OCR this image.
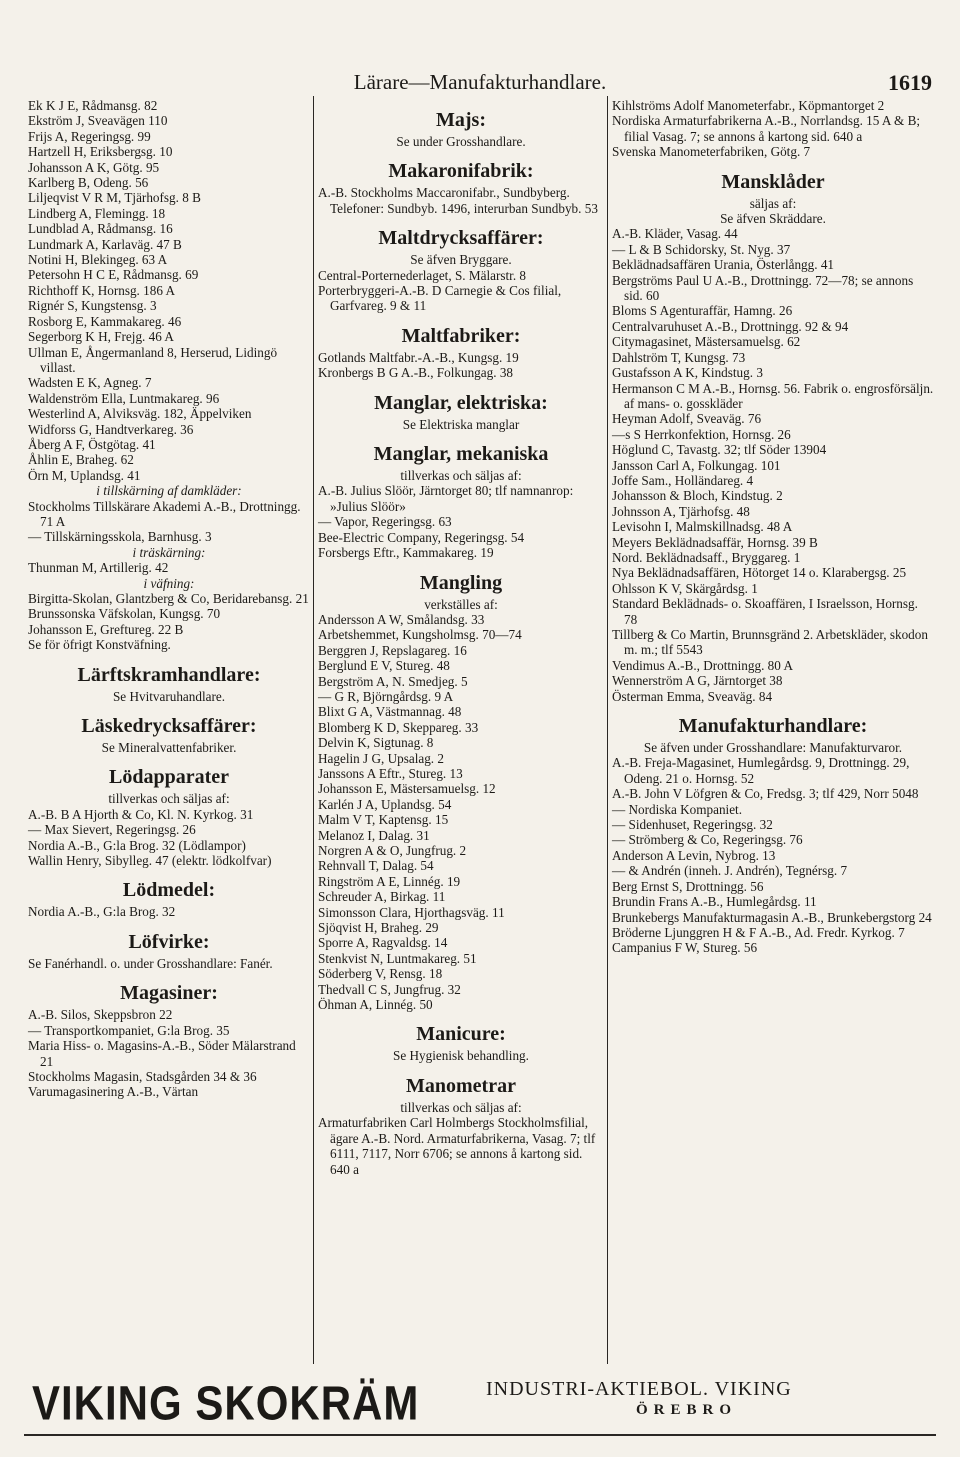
Lärare—Manufakturhandlare.	1619
Ek K J E, Rådmansg. 82
Ekström J, Sveavägen 110
Frijs A, Regeringsg. 99
Hartzell H, Eriksbergsg. 10
Johansson A K, Götg. 95
Karlberg B, Odeng. 56
Liljeqvist V R M, Tjärhofsg. 8 B
Lindberg A, Flemingg. 18
Lundblad A, Rådmansg. 16
Lundmark A, Karlaväg. 47 B
Notini H, Blekingeg. 63 A
Petersohn H C E, Rådmansg. 69
Richthoff K, Hornsg. 186 A
Rignér S, Kungstensg. 3
Rosborg E, Kammakareg. 46
Segerborg K H, Frejg. 46 A
Ullman E, Ångermanland 8, Herserud, Lidingö villast.
Wadsten E K, Agneg. 7
Waldenström Ella, Luntmakareg. 96
Westerlind A, Alviksväg. 182, Äppelviken
Widforss G, Handtverkareg. 36
Åberg A F, Östgötag. 41
Åhlin E, Braheg. 62
Örn M, Uplandsg. 41
i tillskärning af damkläder:
Stockholms Tillskärare Akademi A.-B., Drottningg. 71 A
— Tillskärningsskola, Barnhusg. 3
i träskärning:
Thunman M, Artillerig. 42
i väfning:
Birgitta-Skolan, Glantzberg & Co, Beridarebansg. 21
Brunssonska Väfskolan, Kungsg. 70
Johansson E, Greftureg. 22 B
Se för öfrigt Konstväfning.
Lärftskramhandlare:
Se Hvitvaruhandlare.
Läskedrycksaffärer:
Se Mineralvattenfabriker.
Lödapparater
tillverkas och säljas af:
A.-B. B A Hjorth & Co, Kl. N. Kyrkog. 31
— Max Sievert, Regeringsg. 26
Nordia A.-B., G:la Brog. 32 (Lödlampor)
Wallin Henry, Sibylleg. 47 (elektr. lödkolfvar)
Lödmedel:
Nordia A.-B., G:la Brog. 32
Löfvirke:
Se Fanérhandl. o. under Grosshandlare: Fanér.
Magasiner:
A.-B. Silos, Skeppsbron 22
— Transportkompaniet, G:la Brog. 35
Maria Hiss- o. Magasins-A.-B., Söder Mälarstrand 21
Stockholms Magasin, Stadsgården 34 & 36
Varumagasinering A.-B., Värtan
Majs:
Se under Grosshandlare.
Makaronifabrik:
A.-B. Stockholms Maccaronifabr., Sundbyberg. Telefoner: Sundbyb. 1496, interurban Sundbyb. 53
Maltdrycksaffärer:
Se äfven Bryggare.
Central-Porternederlaget, S. Mälarstr. 8
Porterbryggeri-A.-B. D Carnegie & Cos filial, Garfvareg. 9 & 11
Maltfabriker:
Gotlands Maltfabr.-A.-B., Kungsg. 19
Kronbergs B G A.-B., Folkungag. 38
Manglar, elektriska:
Se Elektriska manglar
Manglar, mekaniska
tillverkas och säljas af:
A.-B. Julius Slöör, Järntorget 80; tlf namnanrop: »Julius Slöör»
— Vapor, Regeringsg. 63
Bee-Electric Company, Regeringsg. 54
Forsbergs Eftr., Kammakareg. 19
Mangling
verkställes af:
Andersson A W, Smålandsg. 33
Arbetshemmet, Kungsholmsg. 70—74
Berggren J, Repslagareg. 16
Berglund E V, Stureg. 48
Bergström A, N. Smedjeg. 5
— G R, Björngårdsg. 9 A
Blixt G A, Västmannag. 48
Blomberg K D, Skeppareg. 33
Delvin K, Sigtunag. 8
Hagelin J G, Upsalag. 2
Janssons A Eftr., Stureg. 13
Johansson E, Mästersamuelsg. 12
Karlén J A, Uplandsg. 54
Malm V T, Kaptensg. 15
Melanoz I, Dalag. 31
Norgren A & O, Jungfrug. 2
Rehnvall T, Dalag. 54
Ringström A E, Linnég. 19
Schreuder A, Birkag. 11
Simonsson Clara, Hjorthagsväg. 11
Sjöqvist H, Braheg. 29
Sporre A, Ragvaldsg. 14
Stenkvist N, Luntmakareg. 51
Söderberg V, Rensg. 18
Thedvall C S, Jungfrug. 32
Öhman A, Linnég. 50
Manicure:
Se Hygienisk behandling.
Manometrar
tillverkas och säljas af:
Armaturfabriken Carl Holmbergs Stockholmsfilial, ägare A.-B. Nord. Armaturfabrikerna, Vasag. 7; tlf 6111, 7117, Norr 6706; se annons å kartong sid. 640 a
Kihlströms Adolf Manometerfabr., Köpmantorget 2
Nordiska Armaturfabrikerna A.-B., Norrlandsg. 15 A & B; filial Vasag. 7; se annons å kartong sid. 640 a
Svenska Manometerfabriken, Götg. 7
Mansklåder
säljas af:
Se äfven Skräddare.
A.-B. Kläder, Vasag. 44
— L & B Schidorsky, St. Nyg. 37
Beklädnadsaffären Urania, Österlångg. 41
Bergströms Paul U A.-B., Drottningg. 72—78; se annons sid. 60
Bloms S Agenturaffär, Hamng. 26
Centralvaruhuset A.-B., Drottningg. 92 & 94
Citymagasinet, Mästersamuelsg. 62
Dahlström T, Kungsg. 73
Gustafsson A K, Kindstug. 3
Hermanson C M A.-B., Hornsg. 56. Fabrik o. engrosförsäljn. af mans- o. gosskläder
Heyman Adolf, Sveaväg. 76
—s S Herrkonfektion, Hornsg. 26
Höglund C, Tavastg. 32; tlf Söder 13904
Jansson Carl A, Folkungag. 101
Joffe Sam., Holländareg. 4
Johansson & Bloch, Kindstug. 2
Johnsson A, Tjärhofsg. 48
Levisohn I, Malmskillnadsg. 48 A
Meyers Beklädnadsaffär, Hornsg. 39 B
Nord. Beklädnadsaff., Bryggareg. 1
Nya Beklädnadsaffären, Hötorget 14 o. Klarabergsg. 25
Ohlsson K V, Skärgårdsg. 1
Standard Beklädnads- o. Skoaffären, I Israelsson, Hornsg. 78
Tillberg & Co Martin, Brunnsgränd 2. Arbetskläder, skodon m. m.; tlf 5543
Vendimus A.-B., Drottningg. 80 A
Wennerström A G, Järntorget 38
Österman Emma, Sveaväg. 84
Manufakturhandlare:
Se äfven under Grosshandlare: Manufakturvaror.
A.-B. Freja-Magasinet, Humlegårdsg. 9, Drottningg. 29, Odeng. 21 o. Hornsg. 52
A.-B. John V Löfgren & Co, Fredsg. 3; tlf 429, Norr 5048
— Nordiska Kompaniet.
— Sidenhuset, Regeringsg. 32
— Strömberg & Co, Regeringsg. 76
Anderson A Levin, Nybrog. 13
— & Andrén (inneh. J. Andrén), Tegnérsg. 7
Berg Ernst S, Drottningg. 56
Brundin Frans A.-B., Humlegårdsg. 11
Brunkebergs Manufakturmagasin A.-B., Brunkebergstorg 24
Bröderne Ljunggren H & F A.-B., Ad. Fredr. Kyrkog. 7
Campanius F W, Stureg. 56
VIKING SKOKRÄM	INDUSTRI-AKTIEBOL. VIKING
ÖREBRO
